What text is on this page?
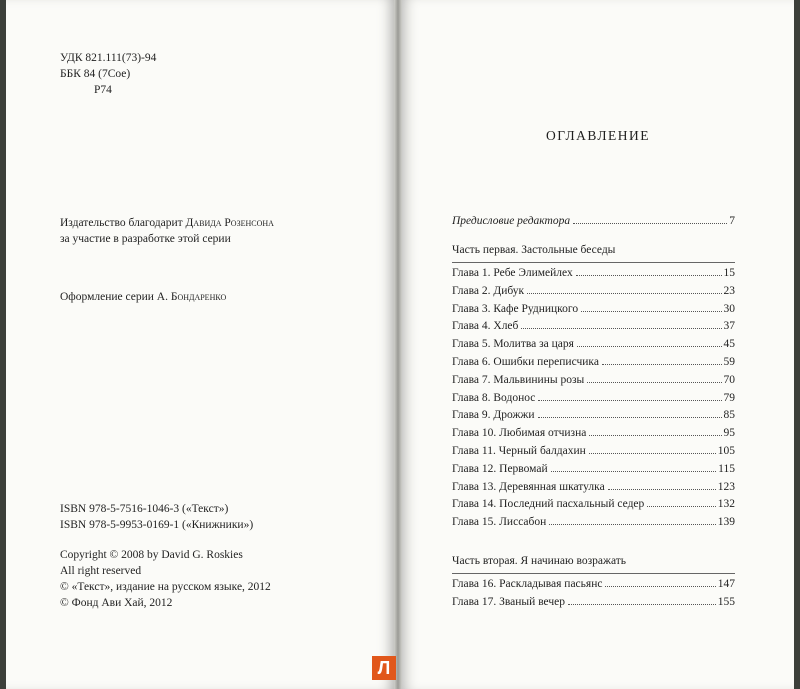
УДК 821.111(73)-94
ББК 84 (7Сое)
Р74
Издательство благодарит Давида Розенсона
за участие в разработке этой серии
Оформление серии А. Бондаренко
ISBN 978-5-7516-1046-3 («Текст»)
ISBN 978-5-9953-0169-1 («Книжники»)
Copyright © 2008 by David G. Roskies
All right reserved
© «Текст», издание на русском языке, 2012
© Фонд Ави Хай, 2012
ОГЛАВЛЕНИЕ
Предисловие редактора	7
Часть первая. Застольные беседы
Глава 1. Ребе Элимейлех	15
Глава 2. Дибук	23
Глава 3. Кафе Рудницкого	30
Глава 4. Хлеб	37
Глава 5. Молитва за царя	45
Глава 6. Ошибки переписчика	59
Глава 7. Мальвинины розы	70
Глава 8. Водонос	79
Глава 9. Дрожжи	85
Глава 10. Любимая отчизна	95
Глава 11. Черный балдахин	105
Глава 12. Первомай	115
Глава 13. Деревянная шкатулка	123
Глава 14. Последний пасхальный седер	132
Глава 15. Лиссабон	139
Часть вторая. Я начинаю возражать
Глава 16. Раскладывая пасьянс	147
Глава 17. Званый вечер	155
Л
